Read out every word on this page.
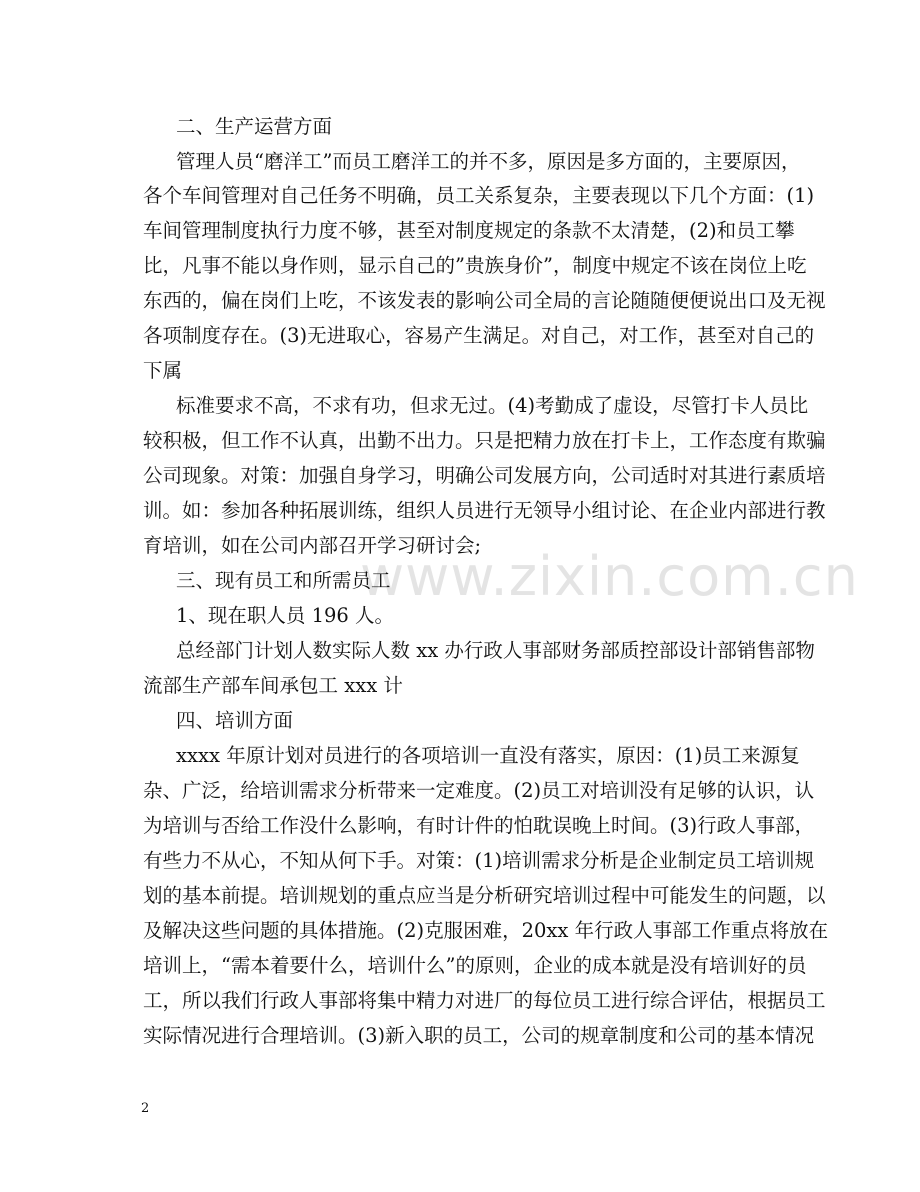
www.zixin.com.cn
二、生产运营方面
管理人员“磨洋工”而员工磨洋工的并不多，原因是多方面的，主要原因，
各个车间管理对自己任务不明确，员工关系复杂，主要表现以下几个方面：(1)
车间管理制度执行力度不够，甚至对制度规定的条款不太清楚，(2)和员工攀
比，凡事不能以身作则，显示自己的”贵族身价”，制度中规定不该在岗位上吃
东西的，偏在岗们上吃，不该发表的影响公司全局的言论随随便便说出口及无视
各项制度存在。(3)无进取心，容易产生满足。对自己，对工作，甚至对自己的
下属
标准要求不高，不求有功，但求无过。(4)考勤成了虚设，尽管打卡人员比
较积极，但工作不认真，出勤不出力。只是把精力放在打卡上，工作态度有欺骗
公司现象。对策：加强自身学习，明确公司发展方向，公司适时对其进行素质培
训。如：参加各种拓展训练，组织人员进行无领导小组讨论、在企业内部进行教
育培训，如在公司内部召开学习研讨会;
三、现有员工和所需员工
1、现在职人员 196 人。
总经部门计划人数实际人数 xx 办行政人事部财务部质控部设计部销售部物
流部生产部车间承包工 xxx 计
四、培训方面
xxxx 年原计划对员进行的各项培训一直没有落实，原因：(1)员工来源复
杂、广泛，给培训需求分析带来一定难度。(2)员工对培训没有足够的认识，认
为培训与否给工作没什么影响，有时计件的怕耽误晚上时间。(3)行政人事部，
有些力不从心，不知从何下手。对策：(1)培训需求分析是企业制定员工培训规
划的基本前提。培训规划的重点应当是分析研究培训过程中可能发生的问题，以
及解决这些问题的具体措施。(2)克服困难，20xx 年行政人事部工作重点将放在
培训上，“需本着要什么，培训什么”的原则，企业的成本就是没有培训好的员
工，所以我们行政人事部将集中精力对进厂的每位员工进行综合评估，根据员工
实际情况进行合理培训。(3)新入职的员工，公司的规章制度和公司的基本情况
2
